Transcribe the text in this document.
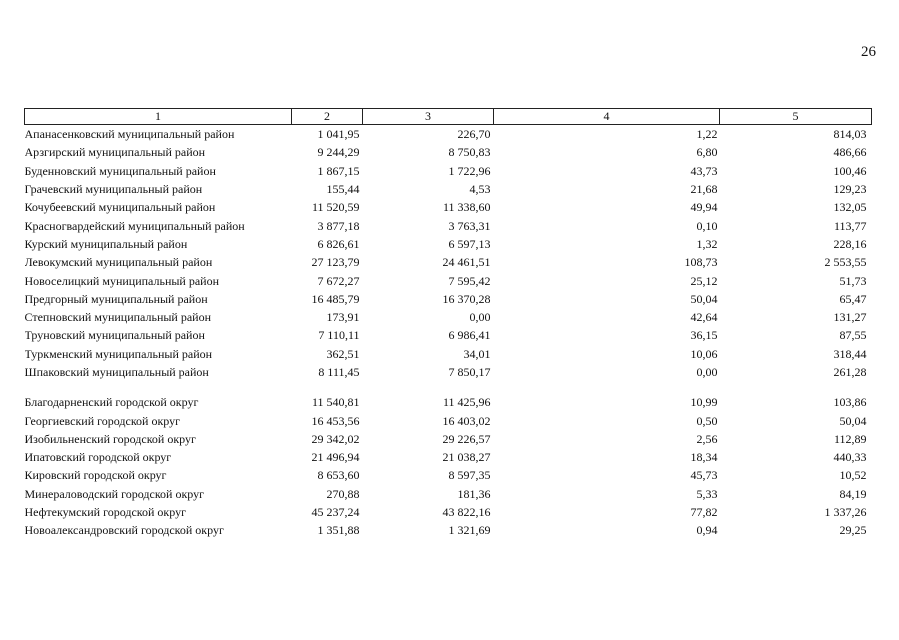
26
1	2	3	4	5
Апанасенковский муниципальный район	1 041,95	226,70	1,22	814,03
Арзгирский муниципальный район	9 244,29	8 750,83	6,80	486,66
Буденновский муниципальный район	1 867,15	1 722,96	43,73	100,46
Грачевский муниципальный район	155,44	4,53	21,68	129,23
Кочубеевский муниципальный район	11 520,59	11 338,60	49,94	132,05
Красногвардейский муниципальный район	3 877,18	3 763,31	0,10	113,77
Курский муниципальный район	6 826,61	6 597,13	1,32	228,16
Левокумский муниципальный район	27 123,79	24 461,51	108,73	2 553,55
Новоселицкий муниципальный район	7 672,27	7 595,42	25,12	51,73
Предгорный муниципальный район	16 485,79	16 370,28	50,04	65,47
Степновский муниципальный район	173,91	0,00	42,64	131,27
Труновский муниципальный район	7 110,11	6 986,41	36,15	87,55
Туркменский муниципальный район	362,51	34,01	10,06	318,44
Шпаковский муниципальный район	8 111,45	7 850,17	0,00	261,28

Благодарненский городской округ	11 540,81	11 425,96	10,99	103,86
Георгиевский городской округ	16 453,56	16 403,02	0,50	50,04
Изобильненский городской округ	29 342,02	29 226,57	2,56	112,89
Ипатовский городской округ	21 496,94	21 038,27	18,34	440,33
Кировский городской округ	8 653,60	8 597,35	45,73	10,52
Минераловодский городской округ	270,88	181,36	5,33	84,19
Нефтекумский городской округ	45 237,24	43 822,16	77,82	1 337,26
Новоалександровский городской округ	1 351,88	1 321,69	0,94	29,25
